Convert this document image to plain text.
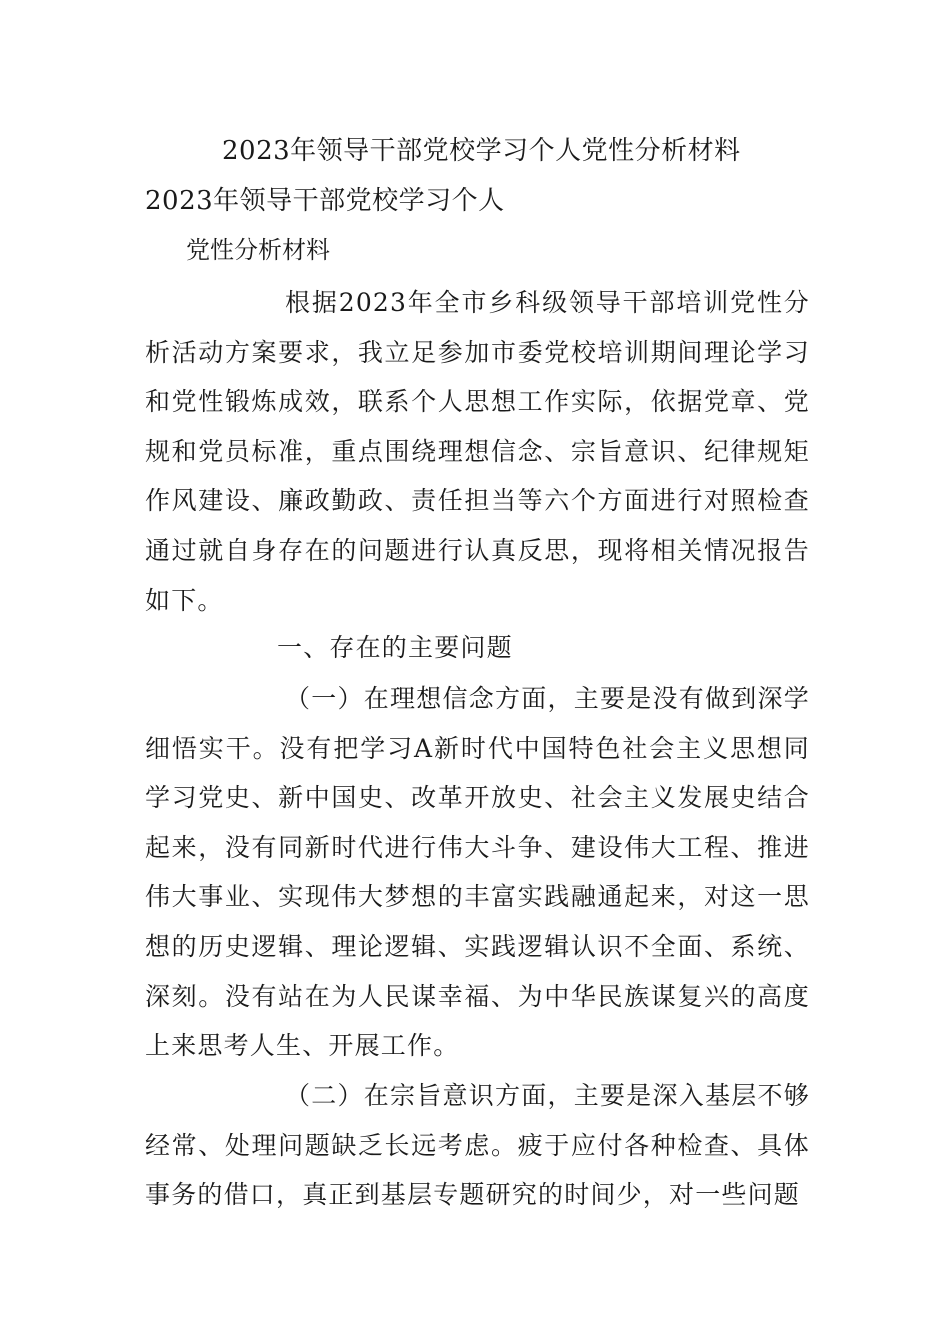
2023年领导干部党校学习个人党性分析材料
2023年领导干部党校学习个人
党性分析材料

根据2023年全市乡科级领导干部培训党性分析活动方案要求，我立足参加市委党校培训期间理论学习和党性锻炼成效，联系个人思想工作实际，依据党章、党规和党员标准，重点围绕理想信念、宗旨意识、纪律规矩作风建设、廉政勤政、责任担当等六个方面进行对照检查通过就自身存在的问题进行认真反思，现将相关情况报告如下。

一、存在的主要问题

（一）在理想信念方面，主要是没有做到深学细悟实干。没有把学习A新时代中国特色社会主义思想同学习党史、新中国史、改革开放史、社会主义发展史结合起来，没有同新时代进行伟大斗争、建设伟大工程、推进伟大事业、实现伟大梦想的丰富实践融通起来，对这一思想的历史逻辑、理论逻辑、实践逻辑认识不全面、系统、深刻。没有站在为人民谋幸福、为中华民族谋复兴的高度上来思考人生、开展工作。

（二）在宗旨意识方面，主要是深入基层不够经常、处理问题缺乏长远考虑。疲于应付各种检查、具体事务的借口，真正到基层专题研究的时间少，对一些问题
